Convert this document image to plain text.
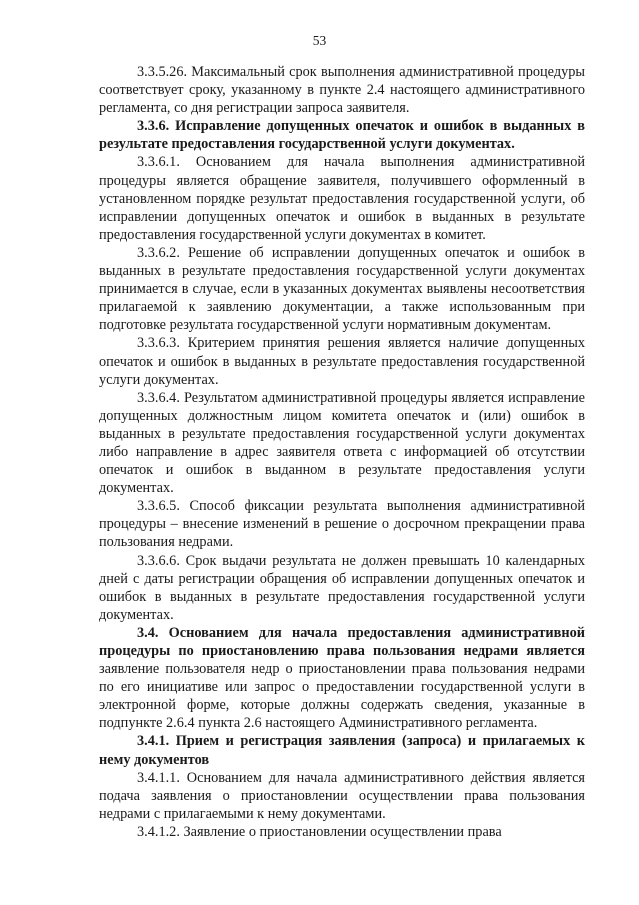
53

3.3.5.26. Максимальный срок выполнения административной процедуры соответствует сроку, указанному в пункте 2.4 настоящего административного регламента, со дня регистрации запроса заявителя.

3.3.6. Исправление допущенных опечаток и ошибок в выданных в результате предоставления государственной услуги документах.

3.3.6.1. Основанием для начала выполнения административной процедуры является обращение заявителя, получившего оформленный в установленном порядке результат предоставления государственной услуги, об исправлении допущенных опечаток и ошибок в выданных в результате предоставления государственной услуги документах в комитет.

3.3.6.2. Решение об исправлении допущенных опечаток и ошибок в выданных в результате предоставления государственной услуги документах принимается в случае, если в указанных документах выявлены несоответствия прилагаемой к заявлению документации, а также использованным при подготовке результата государственной услуги нормативным документам.

3.3.6.3. Критерием принятия решения является наличие допущенных опечаток и ошибок в выданных в результате предоставления государственной услуги документах.

3.3.6.4. Результатом административной процедуры является исправление допущенных должностным лицом комитета опечаток и (или) ошибок в выданных в результате предоставления государственной услуги документах либо направление в адрес заявителя ответа с информацией об отсутствии опечаток и ошибок в выданном в результате предоставления услуги документах.

3.3.6.5. Способ фиксации результата выполнения административной процедуры – внесение изменений в решение о досрочном прекращении права пользования недрами.

3.3.6.6. Срок выдачи результата не должен превышать 10 календарных дней с даты регистрации обращения об исправлении допущенных опечаток и ошибок в выданных в результате предоставления государственной услуги документах.

3.4. Основанием для начала предоставления административной процедуры по приостановлению права пользования недрами является заявление пользователя недр о приостановлении права пользования недрами по его инициативе или запрос о предоставлении государственной услуги в электронной форме, которые должны содержать сведения, указанные в подпункте 2.6.4 пункта 2.6 настоящего Административного регламента.

3.4.1. Прием и регистрация заявления (запроса) и прилагаемых к нему документов

3.4.1.1. Основанием для начала административного действия является подача заявления о приостановлении осуществлении права пользования недрами с прилагаемыми к нему документами.

3.4.1.2. Заявление о приостановлении осуществлении права
